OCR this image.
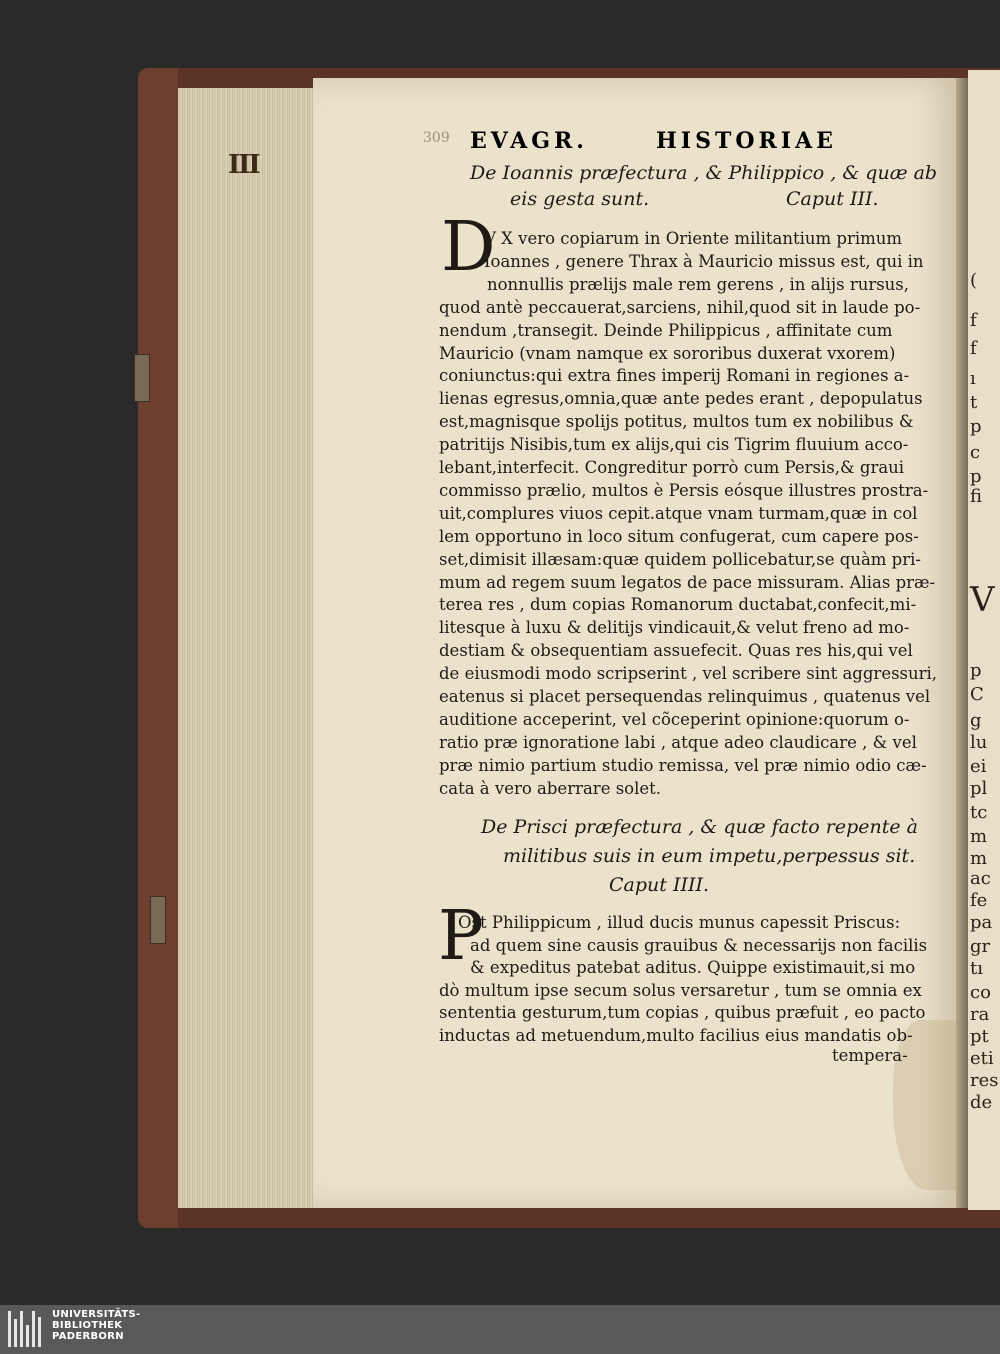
III
(
f
f
ı
t
p
c
p
fi
V
p
C
g
lu
ei
pl
tc
m
m
ac
fe
pa
gr
tı
co
ra
pt
eti
res
de
309 EVAGR.	HISTORIAE
De Ioannis præfectura , & Philippico , & quæ ab
eis gesta sunt.	Caput III.
D
V X vero copiarum in Oriente militantium primum
Ioannes , genere Thrax à Mauricio missus est, qui in
nonnullis prælijs male rem gerens , in alijs rursus,
quod antè peccauerat,sarciens, nihil,quod sit in laude po-
nendum ,transegit. Deinde Philippicus , affinitate cum
Mauricio (vnam namque ex sororibus duxerat vxorem)
coniunctus:qui extra fines imperij Romani in regiones a-
lienas egresus,omnia,quæ ante pedes erant , depopulatus
est,magnisque spolijs potitus, multos tum ex nobilibus &
patritijs Nisibis,tum ex alijs,qui cis Tigrim fluuium acco-
lebant,interfecit. Congreditur porrò cum Persis,& graui
commisso prælio, multos è Persis eósque illustres prostra-
uit,complures viuos cepit.atque vnam turmam,quæ in col
lem opportuno in loco situm confugerat, cum capere pos-
set,dimisit illæsam:quæ quidem pollicebatur,se quàm pri-
mum ad regem suum legatos de pace missuram. Alias præ-
terea res , dum copias Romanorum ductabat,confecit,mi-
litesque à luxu & delitijs vindicauit,& velut freno ad mo-
destiam & obsequentiam assuefecit. Quas res his,qui vel
de eiusmodi modo scripserint , vel scribere sint aggressuri,
eatenus si placet persequendas relinquimus , quatenus vel
auditione acceperint, vel cõceperint opinione:quorum o-
ratio præ ignoratione labi , atque adeo claudicare , & vel
præ nimio partium studio remissa, vel præ nimio odio cæ-
cata à vero aberrare solet.
De Prisci præfectura , & quæ facto repente à
militibus suis in eum impetu,perpessus sit.
Caput IIII.
P
Ost Philippicum , illud ducis munus capessit Priscus:
ad quem sine causis grauibus & necessarijs non facilis
& expeditus patebat aditus. Quippe existimauit,si mo
dò multum ipse secum solus versaretur , tum se omnia ex
sententia gesturum,tum copias , quibus præfuit , eo pacto
inductas ad metuendum,multo facilius eius mandatis ob-
tempera-
UNIVERSITÄTS-
BIBLIOTHEK
PADERBORN
